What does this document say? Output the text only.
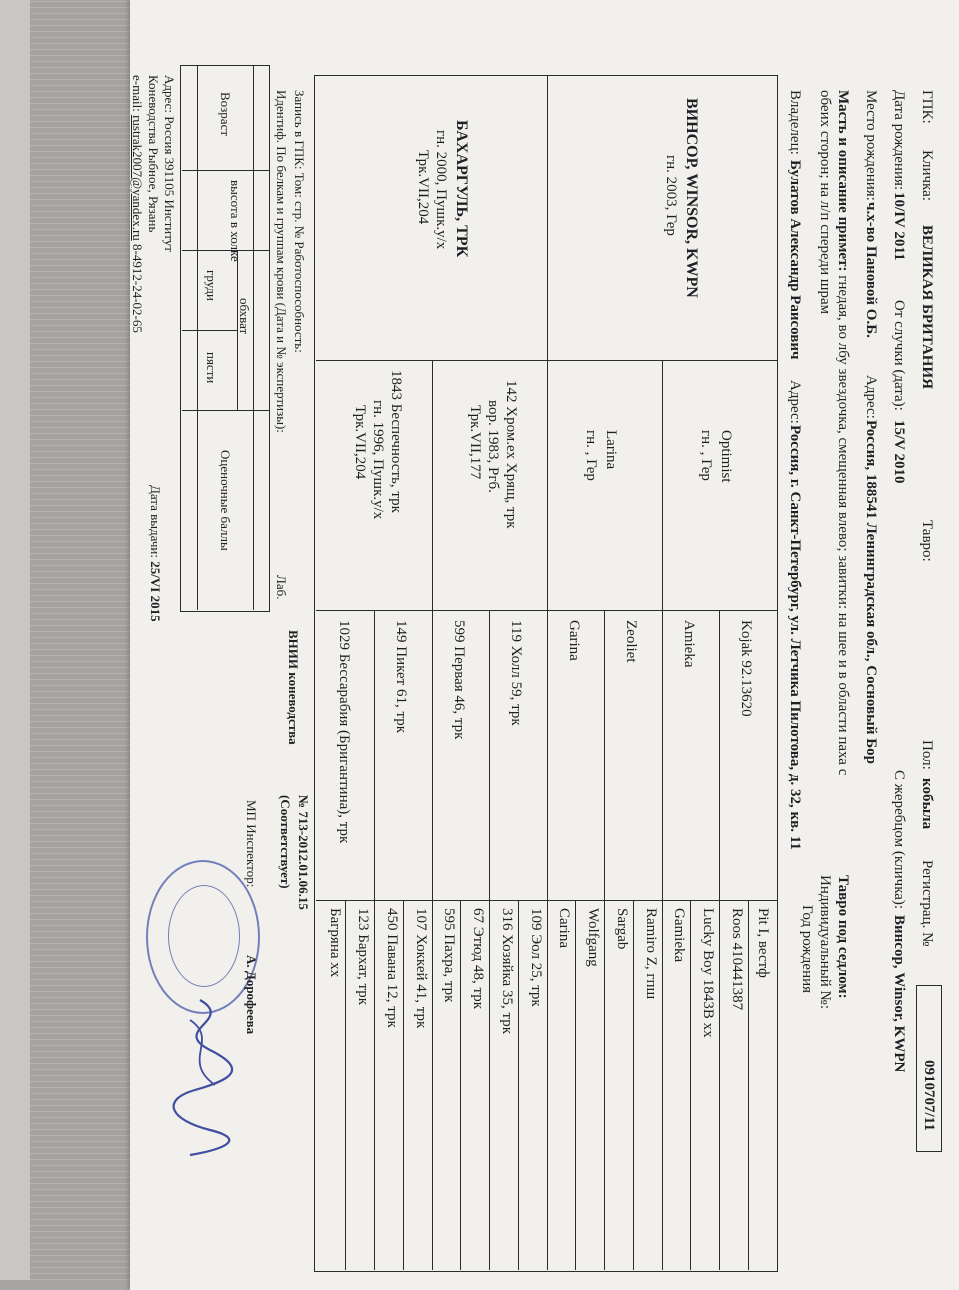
ГПК:
Кличка:
ВЕЛИКАЯ БРИТАНИЯ
Тавро:
Пол:
кобыла
Регистрац. №
0910707/11
Дата рождения:
10/IV 2011
От случки (дата):
15/V 2010
С жеребцом (кличка):
Винсор, Winsor, KWPN
Место рождения:
ч.х-во Пановой О.Б.
Адрес:
Россия, 188541 Ленинградская обл., Сосновый Бор
Масть и описание примет: гнедая, во лбу звездочка, смещенная влево; завитки: на шее и в области паха с
Тавро под седлом:
обеих сторон; на л/п спереди шрам
Индивидуальный №:
Год рождения
Владелец:
Булатов Александр Раисович
Адрес:
Россия, г. Санкт-Петербург, ул. Летчика Пилотова, д. 32, кв. 11
ВИНСОР, WINSOR, KWPN
гн. 2003, Гер
БАХАРГУЛЬ, ТРК
гн. 2000, Пушк.у/х
Трк.VII,204
Optimist
гн. , Гер
Larina
гн. , Гер
142 Хром.ех Хрящ, трк
вор. 1983, Ргб.
Трк.VII,177
1843 Беспечность, трк
гн. 1996, Пушк.у/х
Трк.VII,204
Kojak 92.13620
Amieka
Zeoliet
Garina
119 Холл 59, трк
599 Первая 46, трк
149 Пикет 61, трк
1029 Бессарабия (Бригантина), трк
Pit I, вестф
Roos 410441387
Lucky Boy 1843B хх
Gamieka
Ramiro Z, гпш
Sargab
Wolfgang
Carina
109 Эол 25, трк
316 Хозяйка 35, трк
67 Этюд 48, трк
595 Пахра, трк
107 Хоккей 41, трк
450 Павана 12, трк
123 Бархат, трк
Багряна хх
Запись в ГПК: Том: стр. № Работоспособность:
Идентиф. По белкам и группам крови (Дата и № экспертизы):
Лаб.
ВНИИ коневодства
№ 713-2012.01.06.15
(Соответствует)
Возраст
высота в холке
обхват
груди
пясти
Оценочные баллы
Адрес: Россия 391105 Институт
Коневодства Рыбное, Рязань
e-mail: rustrak2007@yandex.ru 8-4912-24-02-65
Дата выдачи: 25/VI 2015
МП Инспектор:
А. Дорофеева
